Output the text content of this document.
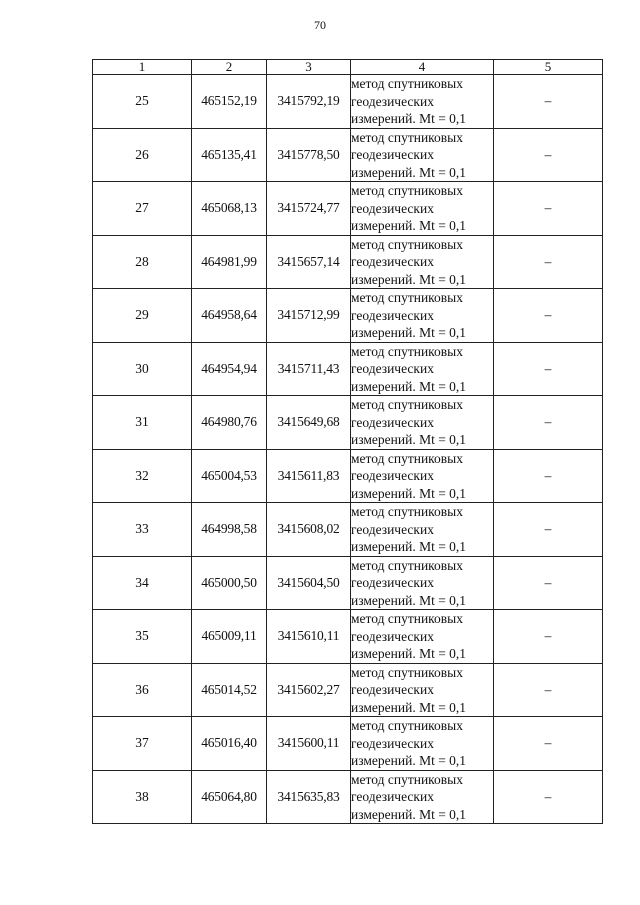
70
1	2	3	4	5
25	465152,19	3415792,19	метод спутниковых
геодезических
измерений. Mt = 0,1	–
26	465135,41	3415778,50	метод спутниковых
геодезических
измерений. Mt = 0,1	–
27	465068,13	3415724,77	метод спутниковых
геодезических
измерений. Mt = 0,1	–
28	464981,99	3415657,14	метод спутниковых
геодезических
измерений. Mt = 0,1	–
29	464958,64	3415712,99	метод спутниковых
геодезических
измерений. Mt = 0,1	–
30	464954,94	3415711,43	метод спутниковых
геодезических
измерений. Mt = 0,1	–
31	464980,76	3415649,68	метод спутниковых
геодезических
измерений. Mt = 0,1	–
32	465004,53	3415611,83	метод спутниковых
геодезических
измерений. Mt = 0,1	–
33	464998,58	3415608,02	метод спутниковых
геодезических
измерений. Mt = 0,1	–
34	465000,50	3415604,50	метод спутниковых
геодезических
измерений. Mt = 0,1	–
35	465009,11	3415610,11	метод спутниковых
геодезических
измерений. Mt = 0,1	–
36	465014,52	3415602,27	метод спутниковых
геодезических
измерений. Mt = 0,1	–
37	465016,40	3415600,11	метод спутниковых
геодезических
измерений. Mt = 0,1	–
38	465064,80	3415635,83	метод спутниковых
геодезических
измерений. Mt = 0,1	–
